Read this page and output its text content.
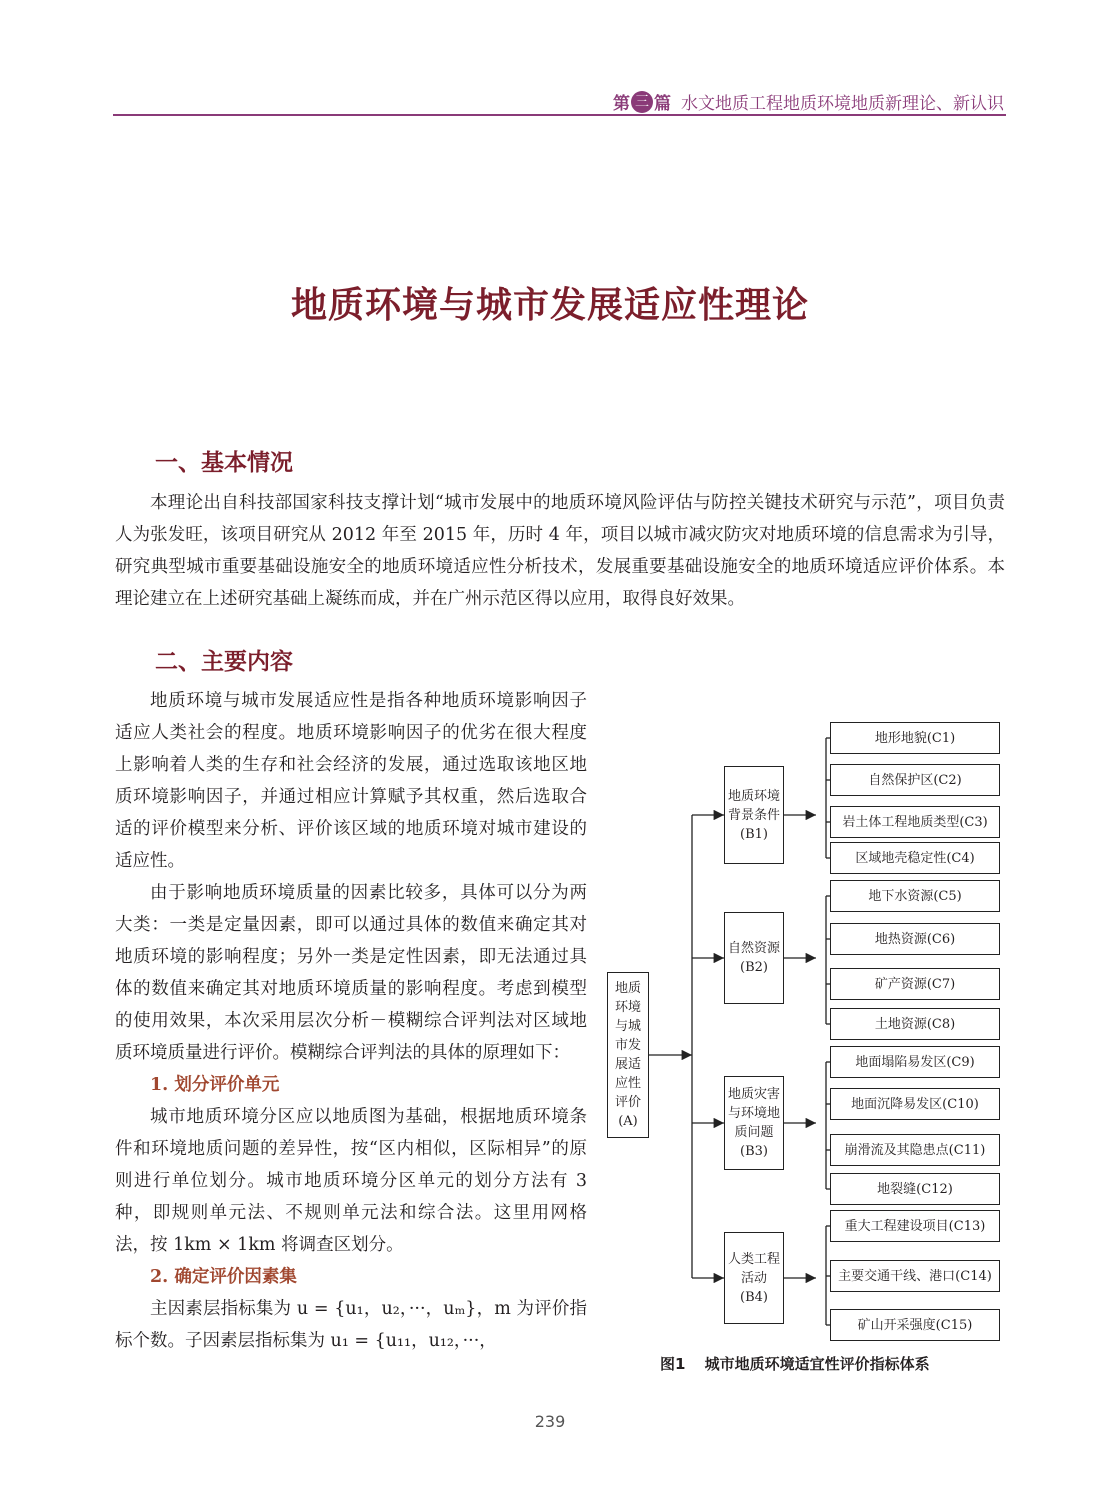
第 三 篇 水文地质工程地质环境地质新理论、新认识
地质环境与城市发展适应性理论
一、基本情况

本理论出自科技部国家科技支撑计划“城市发展中的地质环境风险评估与防控关键技术研究与示范”，项目负责人为张发旺，该项目研究从 2012 年至 2015 年，历时 4 年，项目以城市减灾防灾对地质环境的信息需求为引导，研究典型城市重要基础设施安全的地质环境适应性分析技术，发展重要基础设施安全的地质环境适应评价体系。本理论建立在上述研究基础上凝练而成，并在广州示范区得以应用，取得良好效果。

二、主要内容

地质环境与城市发展适应性是指各种地质环境影响因子适应人类社会的程度。地质环境影响因子的优劣在很大程度上影响着人类的生存和社会经济的发展，通过选取该地区地质环境影响因子，并通过相应计算赋予其权重，然后选取合适的评价模型来分析、评价该区域的地质环境对城市建设的适应性。

由于影响地质环境质量的因素比较多，具体可以分为两大类：一类是定量因素，即可以通过具体的数值来确定其对地质环境的影响程度；另外一类是定性因素，即无法通过具体的数值来确定其对地质环境质量的影响程度。考虑到模型的使用效果，本次采用层次分析－模糊综合评判法对区域地质环境质量进行评价。模糊综合评判法的具体的原理如下：

1. 划分评价单元

城市地质环境分区应以地质图为基础，根据地质环境条件和环境地质问题的差异性，按“区内相似，区际相异”的原则进行单位划分。城市地质环境分区单元的划分方法有 3 种，即规则单元法、不规则单元法和综合法。这里用网格法，按 1km × 1km 将调查区划分。

2. 确定评价因素集

主因素层指标集为 u = {u₁，u₂，···，uₘ}，m 为评价指标个数。子因素层指标集为 u₁ = {u₁₁，u₁₂，···，

图1 城市地质环境适宜性评价指标体系
239
地质环境与城市发展适应性评价(A)
地质环境背景条件(B1)
地形地貌(C1)
自然保护区(C2)
岩土体工程地质类型(C3)
区域地壳稳定性(C4)
自然资源(B2)
地下水资源(C5)
地热资源(C6)
矿产资源(C7)
土地资源(C8)
地质灾害与环境地质问题(B3)
地面塌陷易发区(C9)
地面沉降易发区(C10)
崩滑流及其隐患点(C11)
地裂缝(C12)
人类工程活动(B4)
重大工程建设项目(C13)
主要交通干线、港口(C14)
矿山开采强度(C15)
